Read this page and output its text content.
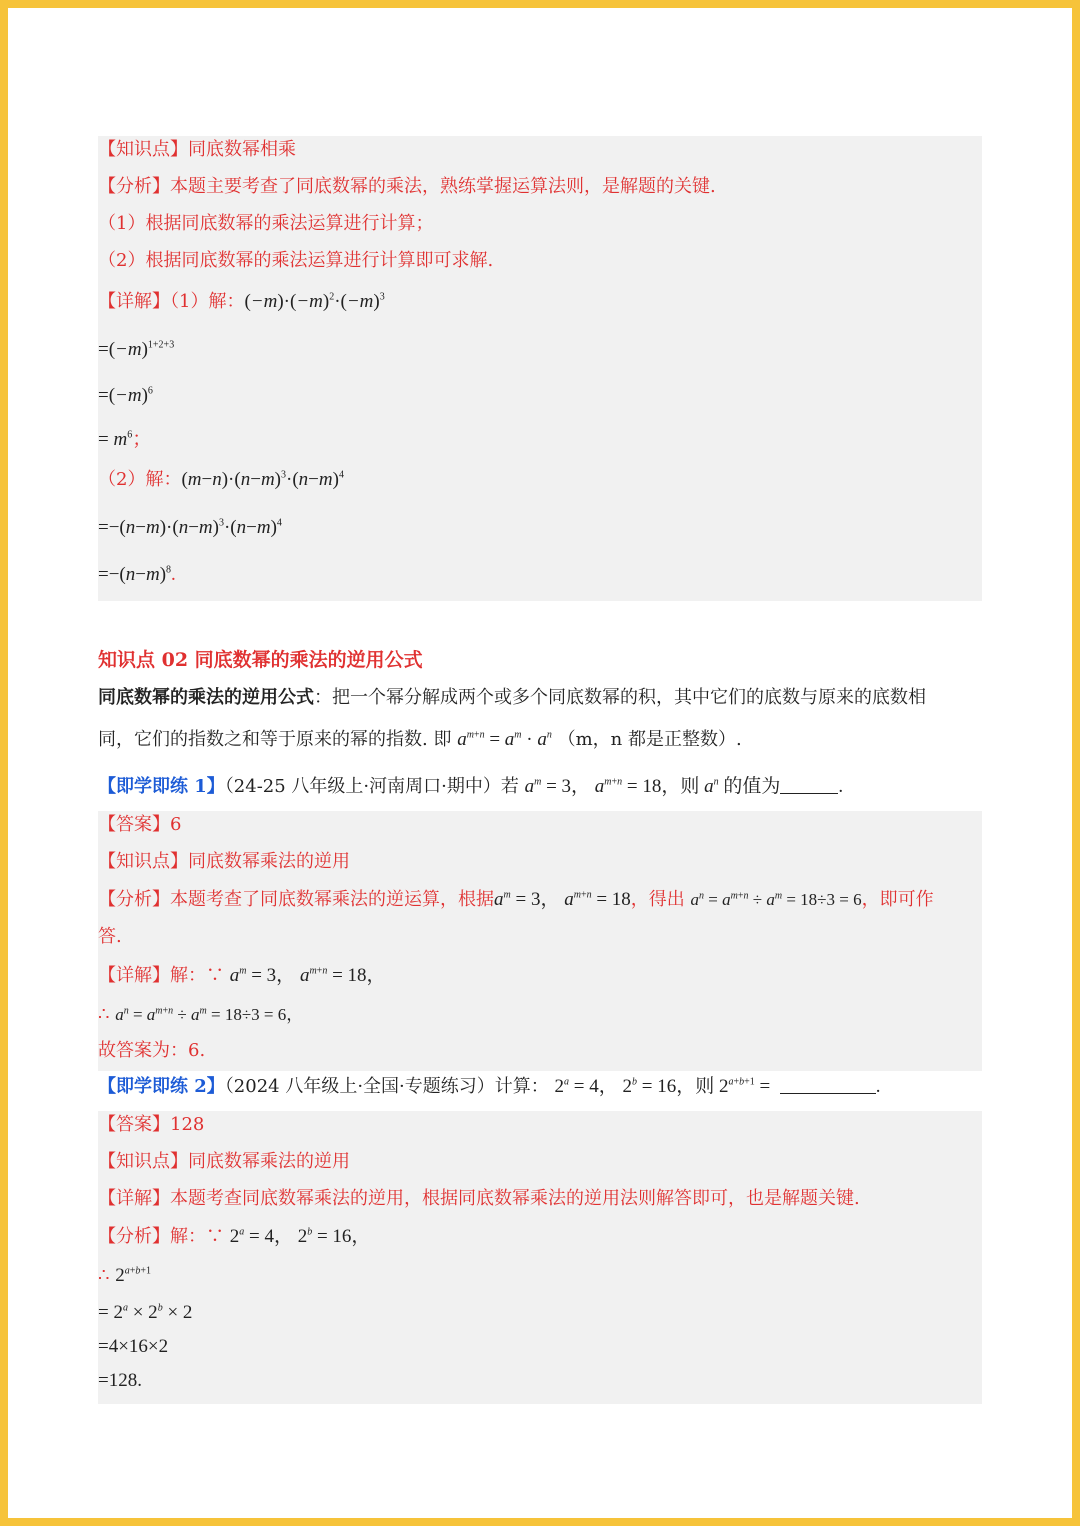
【知识点】同底数幂相乘
【分析】本题主要考查了同底数幂的乘法，熟练掌握运算法则，是解题的关键.
（1）根据同底数幂的乘法运算进行计算；
（2）根据同底数幂的乘法运算进行计算即可求解.
【详解】（1）解：$(-m)\cdot(-m)^2\cdot(-m)^3$
$=(-m)^{1+2+3}$
$=(-m)^6$
= $m^6$；
（2）解：$(m-n)\cdot(n-m)^3\cdot(n-m)^4$
$=-(n-m)\cdot(n-m)^3\cdot(n-m)^4$
$=-(n-m)^8$.
知识点 02 同底数幂的乘法的逆用公式
同底数幂的乘法的逆用公式：把一个幂分解成两个或多个同底数幂的积，其中它们的底数与原来的底数相
同，它们的指数之和等于原来的幂的指数. 即 $a^{m+n} = a^m \cdot a^n$ （m，n 都是正整数）.
【即学即练 1】（24-25 八年级上·河南周口·期中）若 $a^m = 3$， $a^{m+n} = 18$，则 $a^n$ 的值为	.
【答案】6
【知识点】同底数幂乘法的逆用
【分析】本题考查了同底数幂乘法的逆运算，根据$a^m = 3$， $a^{m+n} = 18$，得出 $a^n = a^{m+n} \div a^m = 18\div 3 = 6$，即可作
答.
【详解】解：∵ $a^m = 3$， $a^{m+n} = 18$，
∴ $a^n = a^{m+n} \div a^m = 18\div 3 = 6$，
故答案为：6.
【即学即练 2】（2024 八年级上·全国·专题练习）计算： $2^a = 4$， $2^b = 16$，则 $2^{a+b+1}$ =	.
【答案】128
【知识点】同底数幂乘法的逆用
【详解】本题考查同底数幂乘法的逆用，根据同底数幂乘法的逆用法则解答即可，也是解题关键.
【分析】解：∵ $2^a = 4$， $2^b = 16$，
∴ $2^{a+b+1}$
= $2^a \times 2^b \times 2$
=4×16×2
=128.
